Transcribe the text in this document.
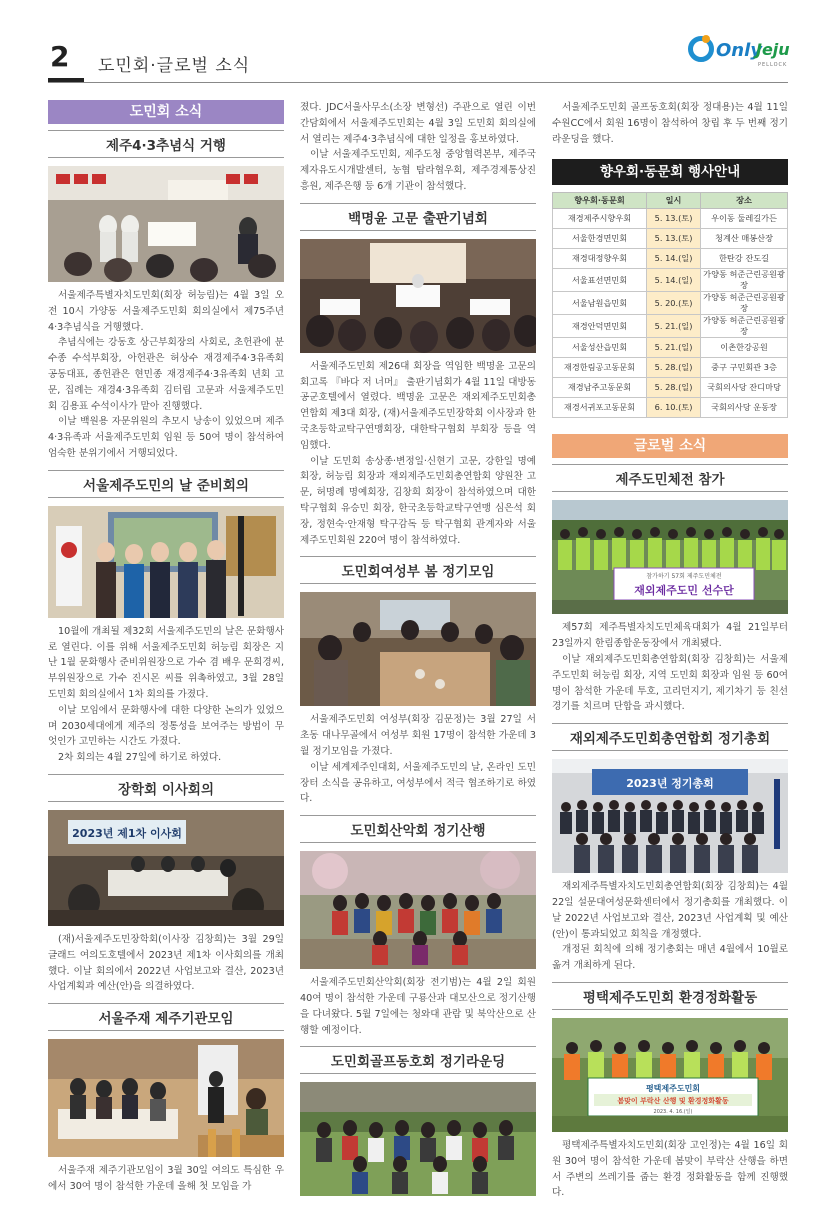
2 도민회·글로벌 소식
Only
Jeju
PELLOCK
도민회 소식
제주4·3추념식 거행

서울제주특별자치도민회(회장 허능림)는 4월 3일 오전 10시 가양동 서울제주도민회 회의실에서 제75주년 4·3추념식을 거행했다.

추념식에는 강동호 상근부회장의 사회로, 초헌관에 분수종 수석부회장, 아헌관은 허상수 재경제주4·3유족회 공동대표, 종헌관은 현민종 재경제주4·3유족회 년회 고문, 집례는 재경4·3유족회 김터립 고문과 서울제주도민회 김용표 수석이사가 맡아 진행했다.

이날 백원용 자문위원의 추모시 낭송이 있었으며 제주4·3유족과 서울제주도민회 임원 등 50여 명이 참석하여 엄숙한 분위기에서 거행되었다.

서울제주도민의 날 준비회의

10월에 개최될 제32회 서울제주도민의 날은 문화행사로 열린다. 이를 위해 서울제주도민회 허능림 회장은 지난 1월 문화행사 준비위원장으로 가수 겸 배우 문희경씨, 부위원장으로 가수 진시몬 씨를 위촉하였고, 3월 28일 도민회 회의실에서 1차 회의를 가졌다.

이날 모임에서 문화행사에 대한 다양한 논의가 있었으며 2030세대에게 제주의 정통성을 보여주는 방법이 무엇인가 고민하는 시간도 가졌다.

2차 회의는 4월 27일에 하기로 하였다.

장학회 이사회의
2023년 제1차 이사회

(재)서울제주도민장학회(이사장 김창희)는 3월 29일 글래드 여의도호텔에서 2023년 제1차 이사회의를 개최했다. 이날 회의에서 2022년 사업보고와 결산, 2023년 사업계획과 예산(안)을 의결하였다.

서울주재 제주기관모임

서울주재 제주기관모임이 3월 30일 여의도 특심한 우에서 30여 명이 참석한 가운데 올해 첫 모임을 가

졌다. JDC서울사무소(소장 변형선) 주관으로 열린 이번 간담회에서 서울제주도민회는 4월 3일 도민회 회의실에서 열리는 제주4·3추념식에 대한 일정을 홍보하였다.

이날 서울제주도민회, 제주도청 중앙협력본부, 제주국제자유도시개발센터, 농협 탐라협우회, 제주경제통상진흥원, 제주은행 등 6개 기관이 참석했다.

백명윤 고문 출판기념회

서울제주도민회 제26대 회장을 역임한 백명윤 고문의 회고록 『바다 저 너머』 출판기념회가 4월 11일 대방동 공군호텔에서 열렸다. 백명윤 고문은 재외제주도민회총연합회 제3대 회장, (재)서울제주도민장학회 이사장과 한국초등학교탁구연맹회장, 대한탁구협회 부회장 등을 역임했다.

이날 도민회 송상종·변정일·신현기 고문, 강한일 명예회장, 허능림 회장과 재외제주도민회총연합회 양원찬 고문, 허명례 명예회장, 김창희 회장이 참석하였으며 대한탁구협회 유승민 회장, 한국초등학교탁구연맹 심은석 회장, 정현숙·안재형 탁구감독 등 탁구협회 관계자와 서울제주도민회원 220여 명이 참석하였다.

도민회여성부 봄 정기모임

서울제주도민회 여성부(회장 김문정)는 3월 27일 서초동 대나무골에서 여성부 회원 17명이 참석한 가운데 3월 정기모임을 가졌다.

이날 세계제주인대회, 서울제주도민의 날, 온라인 도민장터 소식을 공유하고, 여성부에서 적극 협조하기로 하였다.

도민회산악회 정기산행

서울제주도민회산악회(회장 전기범)는 4월 2일 회원 40여 명이 참석한 가운데 구룡산과 대모산으로 정기산행을 다녀왔다. 5월 7일에는 청와대 관람 및 북악산으로 산행할 예정이다.

도민회골프동호회 정기라운딩

서울제주도민회 골프동호회(회장 정대용)는 4월 11일 수원CC에서 회원 16명이 참석하여 창립 후 두 번째 정기라운딩을 했다.

향우회·동문회 행사안내
향우회·동문회	일시	장소
재경제주시향우회	5. 13.(토)	우이동 둘레길가든
서울한경면민회	5. 13.(토)	청계산 매봉산장
재경대정향우회	5. 14.(일)	한탄강 잔도길
서울표선면민회	5. 14.(일)	가양동 허준근린공원광장
서울남원읍민회	5. 20.(토)	가양동 허준근린공원광장
재경안덕면민회	5. 21.(일)	가양동 허준근린공원광장
서울성산읍민회	5. 21.(일)	이촌한강공원
재경한림공고동문회	5. 28.(일)	중구 구민회관 3층
재경남주고동문회	5. 28.(일)	국회의사당 잔디마당
재경서귀포고동문회	6. 10.(토)	국회의사당 운동장
글로벌 소식
제주도민체전 참가
참가하기 57회 제주도민체전
재외제주도민 선수단

제57회 제주특별자치도민체육대회가 4월 21일부터 23일까지 한림종합운동장에서 개최됐다.

이날 재외제주도민회총연합회(회장 김창희)는 서울제주도민회 허능림 회장, 지역 도민회 회장과 임원 등 60여 명이 참석한 가운데 투호, 고리던지기, 제기차기 등 친선경기를 치르며 단합을 과시했다.

재외제주도민회총연합회 정기총회
2023년 정기총회

재외제주특별자치도민회총연합회(회장 김창희)는 4월 22일 설문대여성문화센터에서 정기총회를 개최했다. 이날 2022년 사업보고와 결산, 2023년 사업계획 및 예산(안)이 통과되었고 회칙을 개정했다.

개정된 회칙에 의해 정기총회는 매년 4월에서 10월로 옮겨 개최하게 된다.

평택제주도민회 환경정화활동
평택제주도민회
봄맞이 부락산 산행 및 환경정화활동
2023. 4. 16.(일)

평택제주특별자치도민회(회장 고인정)는 4월 16일 회원 30여 명이 참석한 가운데 봄맞이 부락산 산행을 하면서 주변의 쓰레기를 줍는 환경 정화활동을 함께 진행했다.
